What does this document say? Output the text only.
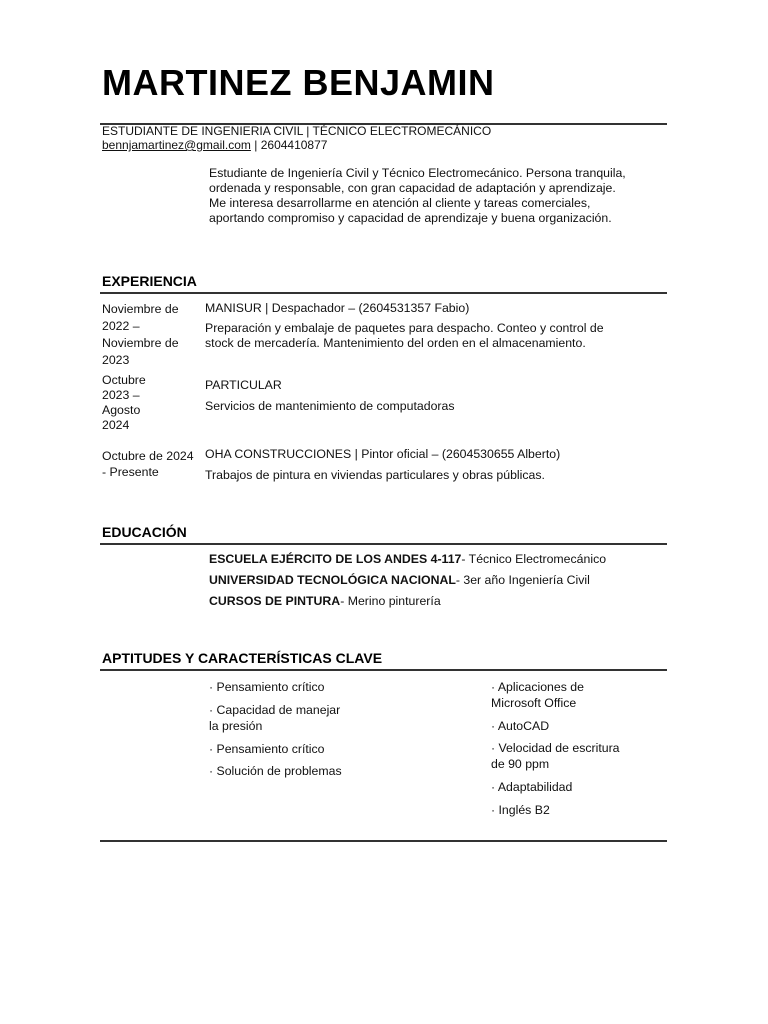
MARTINEZ BENJAMIN
ESTUDIANTE DE INGENIERIA CIVIL | TÉCNICO ELECTROMECÁNICO
bennjamartinez@gmail.com | 2604410877
Estudiante de Ingeniería Civil y Técnico Electromecánico. Persona tranquila, ordenada y responsable, con gran capacidad de adaptación y aprendizaje. Me interesa desarrollarme en atención al cliente y tareas comerciales, aportando compromiso y capacidad de aprendizaje y buena organización.
EXPERIENCIA
Noviembre de 2022 – Noviembre de 2023
MANISUR | Despachador – (2604531357 Fabio)
Preparación y embalaje de paquetes para despacho. Conteo y control de stock de mercadería. Mantenimiento del orden en el almacenamiento.
Octubre 2023 – Agosto 2024
PARTICULAR
Servicios de mantenimiento de computadoras
Octubre de 2024 - Presente
OHA CONSTRUCCIONES | Pintor oficial – (2604530655 Alberto)
Trabajos de pintura en viviendas particulares y obras públicas.
EDUCACIÓN
ESCUELA EJÉRCITO DE LOS ANDES 4-117- Técnico Electromecánico
UNIVERSIDAD TECNOLÓGICA NACIONAL- 3er año Ingeniería Civil
CURSOS DE PINTURA- Merino pinturería
APTITUDES Y CARACTERÍSTICAS CLAVE
· Pensamiento crítico
· Capacidad de manejar la presión
· Pensamiento crítico
· Solución de problemas
· Aplicaciones de Microsoft Office
· AutoCAD
· Velocidad de escritura de 90 ppm
· Adaptabilidad
· Inglés B2
